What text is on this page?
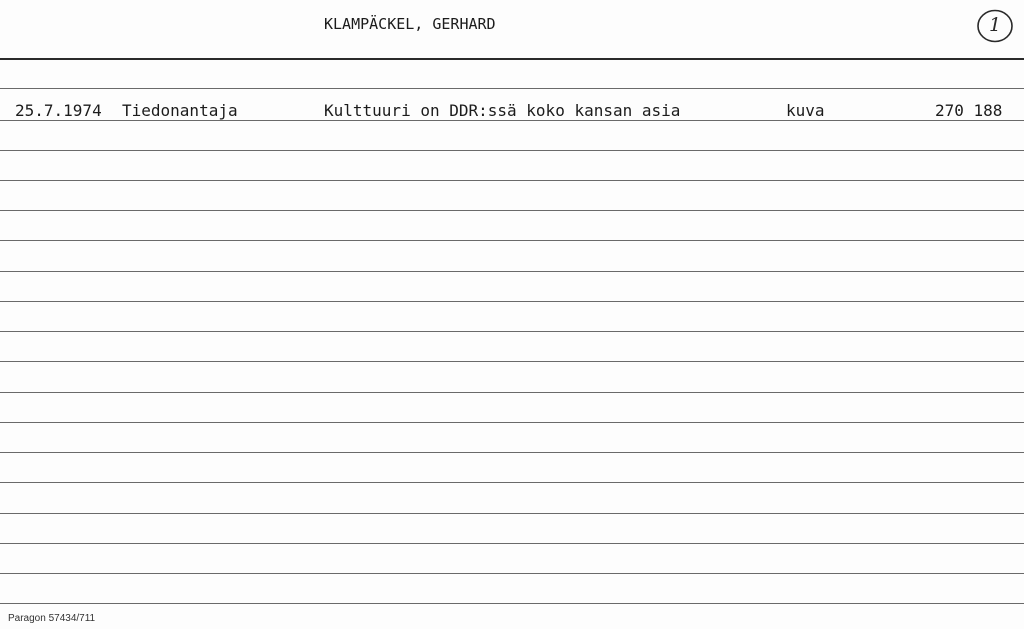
KLAMPÄCKEL, GERHARD	1
25.7.1974 Tiedonantaja	Kulttuuri on DDR:ssä koko kansan asia	kuva	270 188
Paragon 57434/711
